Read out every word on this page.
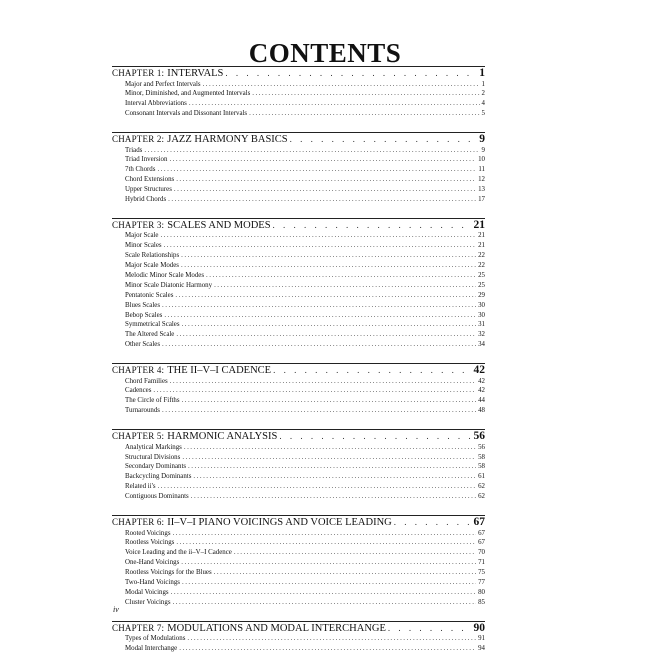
CONTENTS
CHAPTER 1: INTERVALS . . .	1
Major and Perfect Intervals .....	1
Minor, Diminished, and Augmented Intervals .....	2
Interval Abbreviations .....	4
Consonant Intervals and Dissonant Intervals .....	5
CHAPTER 2: JAZZ HARMONY BASICS . . .	9
Triads .....	9
Triad Inversion .....	10
7th Chords .....	11
Chord Extensions .....	12
Upper Structures .....	13
Hybrid Chords .....	17
CHAPTER 3: SCALES AND MODES . . .	21
Major Scale .....	21
Minor Scales .....	21
Scale Relationships .....	22
Major Scale Modes .....	22
Melodic Minor Scale Modes .....	25
Minor Scale Diatonic Harmony .....	25
Pentatonic Scales .....	29
Blues Scales .....	30
Bebop Scales .....	30
Symmetrical Scales .....	31
The Altered Scale .....	32
Other Scales .....	34
CHAPTER 4: THE II–V–I CADENCE . . .	42
Chord Families .....	42
Cadences .....	42
The Circle of Fifths .....	44
Turnarounds .....	48
CHAPTER 5: HARMONIC ANALYSIS . . .	56
Analytical Markings .....	56
Structural Divisions .....	58
Secondary Dominants .....	58
Backcycling Dominants .....	61
Related ii's .....	62
Contiguous Dominants .....	62
CHAPTER 6: II–V–I PIANO VOICINGS AND VOICE LEADING . . .	67
Rooted Voicings .....	67
Rootless Voicings .....	67
Voice Leading and the ii–V–I Cadence .....	70
One-Hand Voicings .....	71
Rootless Voicings for the Blues .....	75
Two-Hand Voicings .....	77
Modal Voicings .....	80
Cluster Voicings .....	85
CHAPTER 7: MODULATIONS AND MODAL INTERCHANGE . . .	90
Types of Modulations .....	91
Modal Interchange .....	94
iv
